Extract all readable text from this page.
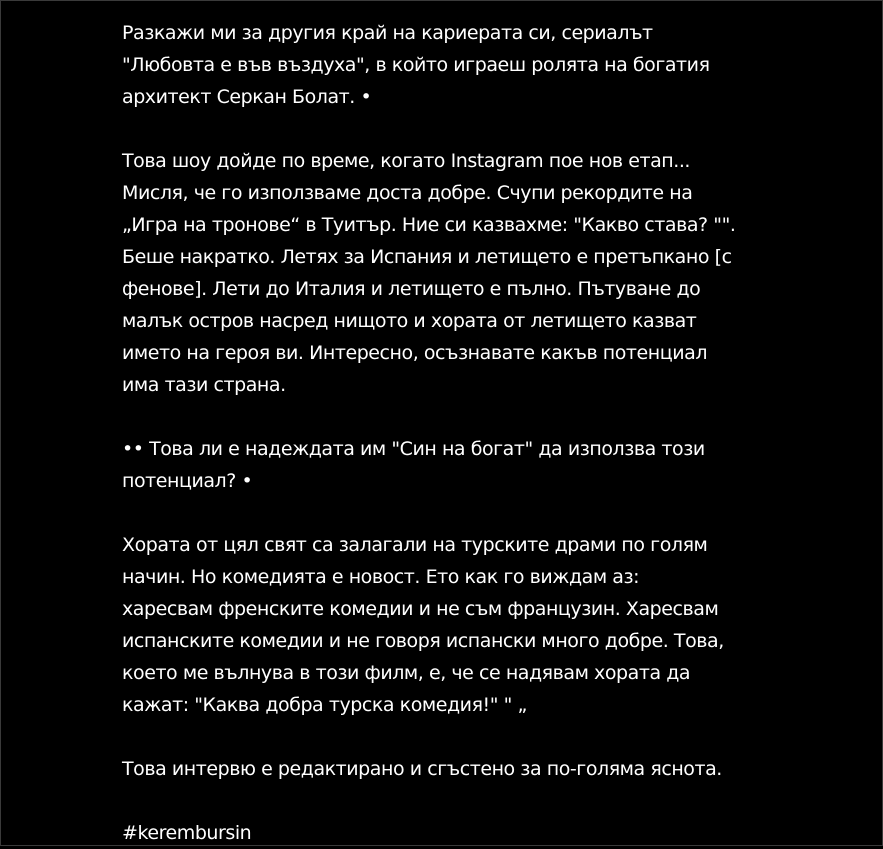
Разкажи ми за другия край на кариерата си, сериалът
"Любовта е във въздуха", в който играеш ролята на богатия
архитект Серкан Болат. •

Това шоу дойде по време, когато Instagram пое нов етап...
Мисля, че го използваме доста добре. Счупи рекордите на
„Игра на тронове“ в Туитър. Ние си казвахме: "Какво става? "".
Беше накратко. Летях за Испания и летището е претъпкано [с
фенове]. Лети до Италия и летището е пълно. Пътуване до
малък остров насред нищото и хората от летището казват
името на героя ви. Интересно, осъзнавате какъв потенциал
има тази страна.

•• Това ли е надеждата им "Син на богат" да използва този
потенциал? •

Хората от цял свят са залагали на турските драми по голям
начин. Но комедията е новост. Ето как го виждам аз:
харесвам френските комедии и не съм французин. Харесвам
испанските комедии и не говоря испански много добре. Това,
което ме вълнува в този филм, е, че се надявам хората да
кажат: "Каква добра турска комедия!" " „

Това интервю е редактирано и сгъстено за по-голяма яснота.

#kerembursin
